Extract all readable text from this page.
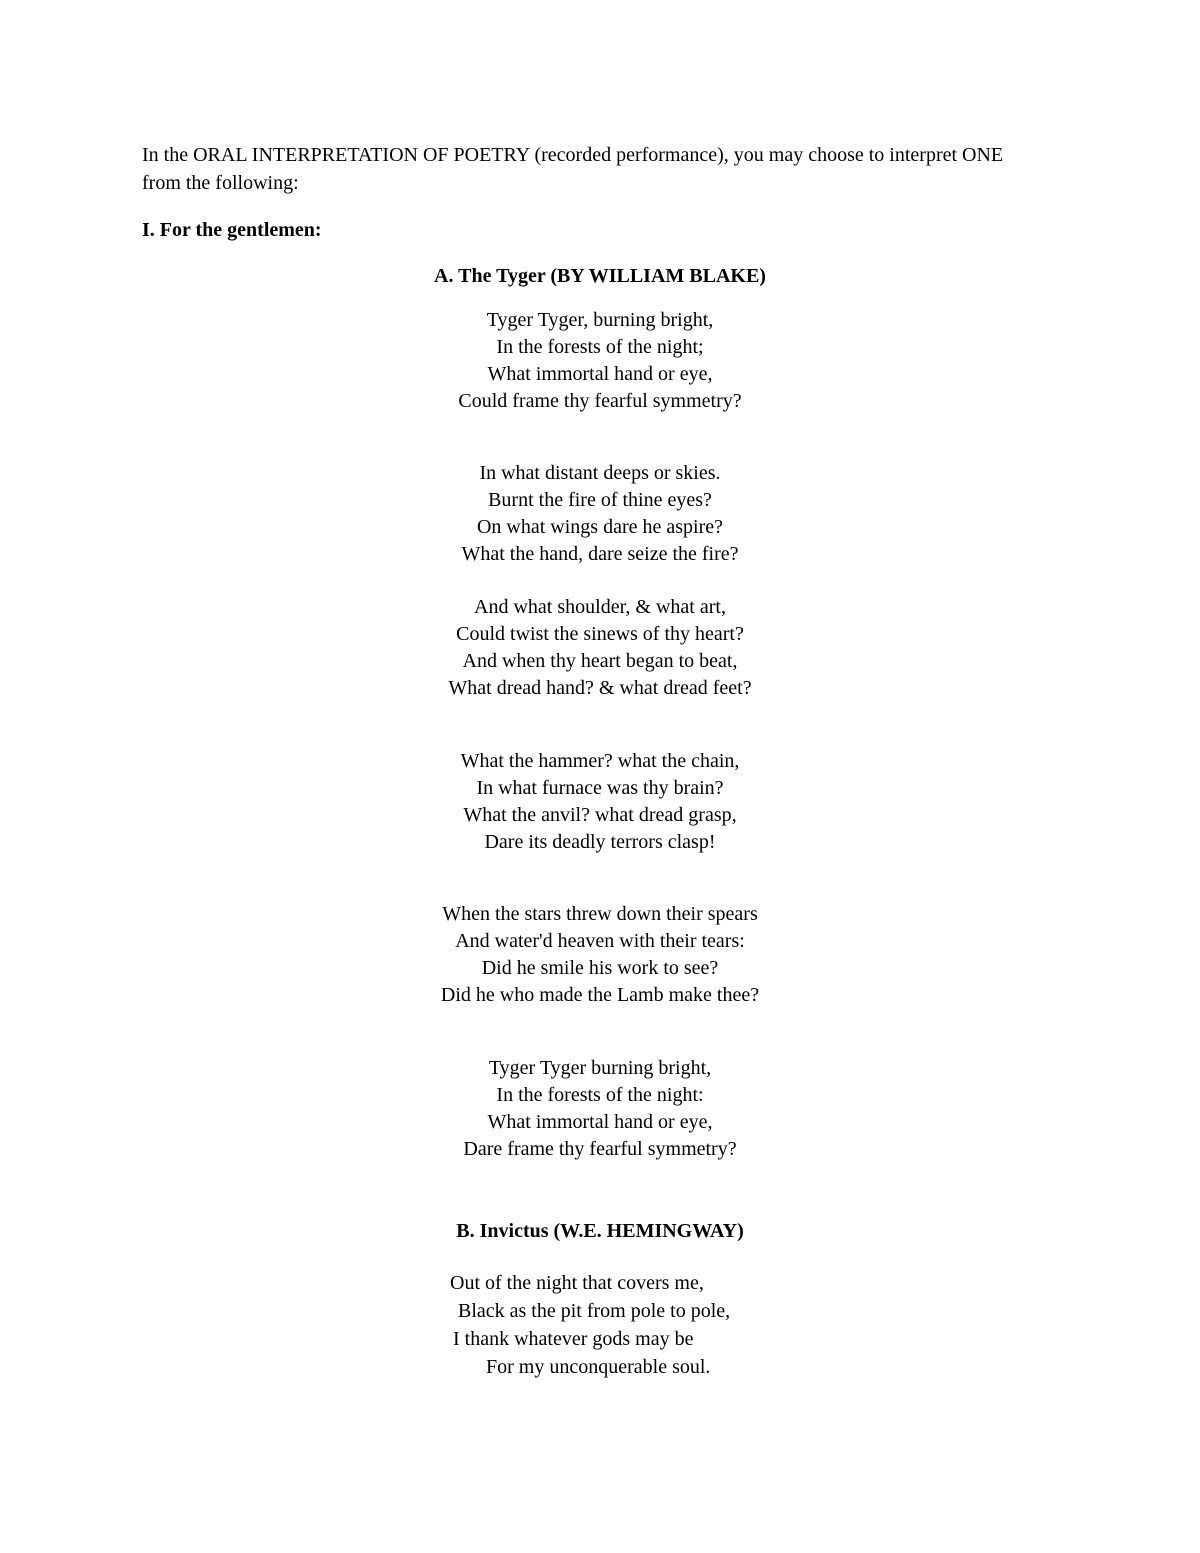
In the ORAL INTERPRETATION OF POETRY (recorded performance), you may choose to interpret ONE from the following:

I. For the gentlemen:

A. The Tyger (BY WILLIAM BLAKE)

Tyger Tyger, burning bright,
In the forests of the night;
What immortal hand or eye,
Could frame thy fearful symmetry?
In what distant deeps or skies.
Burnt the fire of thine eyes?
On what wings dare he aspire?
What the hand, dare seize the fire?
And what shoulder, & what art,
Could twist the sinews of thy heart?
And when thy heart began to beat,
What dread hand? & what dread feet?
What the hammer? what the chain,
In what furnace was thy brain?
What the anvil? what dread grasp,
Dare its deadly terrors clasp!
When the stars threw down their spears
And water'd heaven with their tears:
Did he smile his work to see?
Did he who made the Lamb make thee?
Tyger Tyger burning bright,
In the forests of the night:
What immortal hand or eye,
Dare frame thy fearful symmetry?

B. Invictus (W.E. HEMINGWAY)

Out of the night that covers me,
Black as the pit from pole to pole,
I thank whatever gods may be
For my unconquerable soul.
